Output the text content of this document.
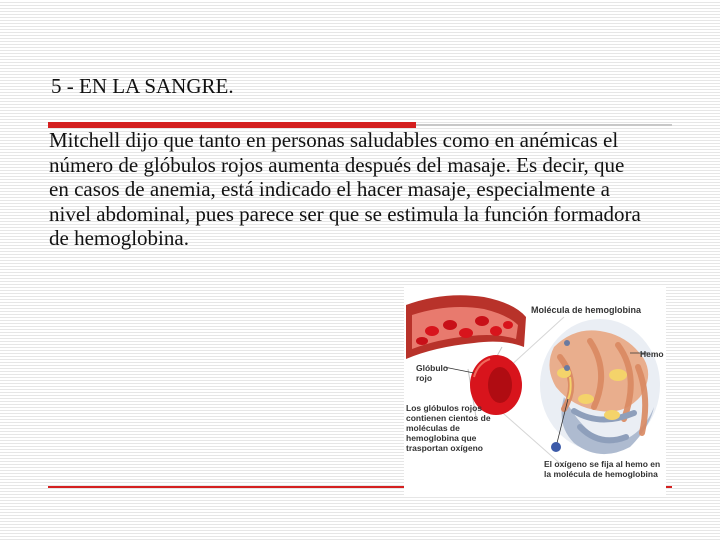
5 - EN LA SANGRE.

Mitchell dijo que tanto en personas saludables como en anémicas el número de glóbulos rojos aumenta después del masaje. Es decir, que en casos de anemia, está indicado el hacer masaje, especialmente a nivel abdominal, pues parece ser que se estimula la función formadora de hemoglobina.

Molécula de hemoglobina
Hemo
Glóbulo rojo
Los glóbulos rojos contienen cientos de moléculas de hemoglobina que trasportan oxígeno
El oxígeno se fija al hemo en la molécula de hemoglobina
